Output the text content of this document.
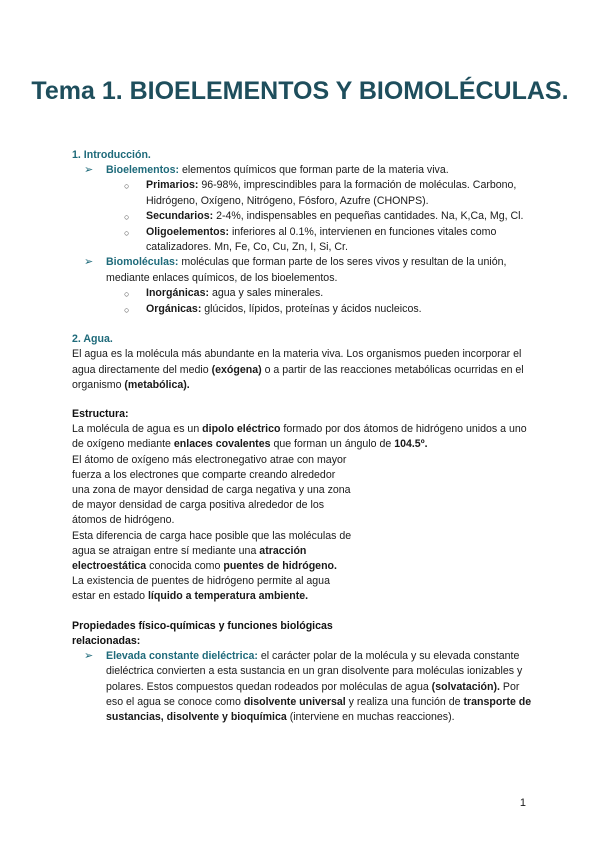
Tema 1. BIOELEMENTOS Y BIOMOLÉCULAS.

1. Introducción.

➢	Bioelementos: elementos químicos que forman parte de la materia viva.
○	Primarios: 96-98%, imprescindibles para la formación de moléculas. Carbono, Hidrógeno, Oxígeno, Nitrógeno, Fósforo, Azufre (CHONPS).
○	Secundarios: 2-4%, indispensables en pequeñas cantidades. Na, K,Ca, Mg, Cl.
○	Oligoelementos: inferiores al 0.1%, intervienen en funciones vitales como catalizadores. Mn, Fe, Co, Cu, Zn, I, Si, Cr.
➢	Biomoléculas: moléculas que forman parte de los seres vivos y resultan de la unión, mediante enlaces químicos, de los bioelementos.
○	Inorgánicas: agua y sales minerales.
○	Orgánicas: glúcidos, lípidos, proteínas y ácidos nucleicos.

2. Agua.

El agua es la molécula más abundante en la materia viva. Los organismos pueden incorporar el agua directamente del medio (exógena) o a partir de las reacciones metabólicas ocurridas en el organismo (metabólica).

Estructura:

La molécula de agua es un dipolo eléctrico formado por dos átomos de hidrógeno unidos a uno de oxígeno mediante enlaces covalentes que forman un ángulo de 104.5º.

El átomo de oxígeno más electronegativo atrae con mayor

fuerza a los electrones que comparte creando alrededor

una zona de mayor densidad de carga negativa y una zona

de mayor densidad de carga positiva alrededor de los

átomos de hidrógeno.

Esta diferencia de carga hace posible que las moléculas de

agua se atraigan entre sí mediante una atracción

electroestática conocida como puentes de hidrógeno.

La existencia de puentes de hidrógeno permite al agua

estar en estado líquido a temperatura ambiente.

Propiedades físico-químicas y funciones biológicas
relacionadas:

➢	Elevada constante dieléctrica: el carácter polar de la molécula y su elevada constante dieléctrica convierten a esta sustancia en un gran disolvente para moléculas ionizables y polares. Estos compuestos quedan rodeados por moléculas de agua (solvatación). Por eso el agua se conoce como disolvente universal y realiza una función de transporte de sustancias, disolvente y bioquímica (interviene en muchas reacciones).
1
